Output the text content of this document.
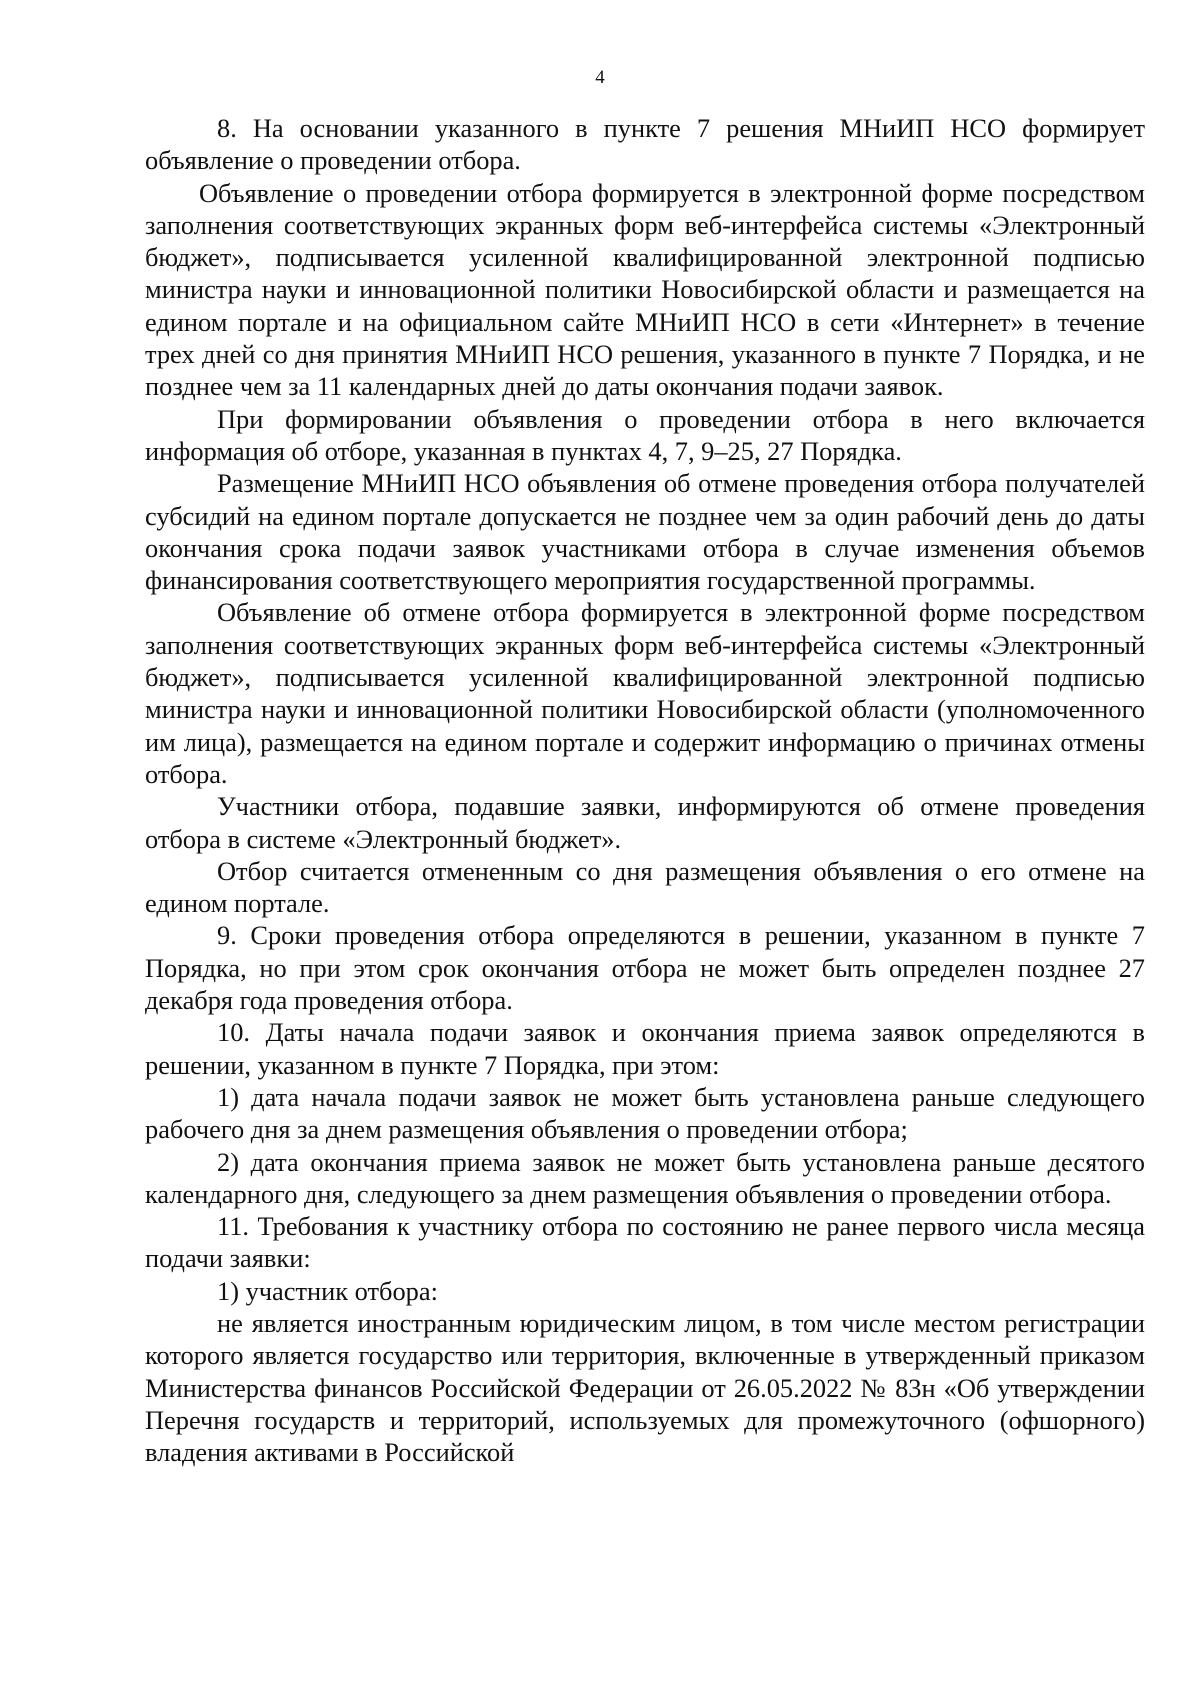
4

8. На основании указанного в пункте 7 решения МНиИП НСО формирует объявление о проведении отбора.

Объявление о проведении отбора формируется в электронной форме посредством заполнения соответствующих экранных форм веб-интерфейса системы «Электронный бюджет», подписывается усиленной квалифицированной электронной подписью министра науки и инновационной политики Новосибирской области и размещается на едином портале и на официальном сайте МНиИП НСО в сети «Интернет» в течение трех дней со дня принятия МНиИП НСО решения, указанного в пункте 7 Порядка, и не позднее чем за 11 календарных дней до даты окончания подачи заявок.

При формировании объявления о проведении отбора в него включается информация об отборе, указанная в пунктах 4, 7, 9–25, 27 Порядка.

Размещение МНиИП НСО объявления об отмене проведения отбора получателей субсидий на едином портале допускается не позднее чем за один рабочий день до даты окончания срока подачи заявок участниками отбора в случае изменения объемов финансирования соответствующего мероприятия государственной программы.

Объявление об отмене отбора формируется в электронной форме посредством заполнения соответствующих экранных форм веб-интерфейса системы «Электронный бюджет», подписывается усиленной квалифицированной электронной подписью министра науки и инновационной политики Новосибирской области (уполномоченного им лица), размещается на едином портале и содержит информацию о причинах отмены отбора.

Участники отбора, подавшие заявки, информируются об отмене проведения отбора в системе «Электронный бюджет».

Отбор считается отмененным со дня размещения объявления о его отмене на едином портале.

9. Сроки проведения отбора определяются в решении, указанном в пункте 7 Порядка, но при этом срок окончания отбора не может быть определен позднее 27 декабря года проведения отбора.

10. Даты начала подачи заявок и окончания приема заявок определяются в решении, указанном в пункте 7 Порядка, при этом:

1) дата начала подачи заявок не может быть установлена раньше следующего рабочего дня за днем размещения объявления о проведении отбора;

2) дата окончания приема заявок не может быть установлена раньше десятого календарного дня, следующего за днем размещения объявления о проведении отбора.

11. Требования к участнику отбора по состоянию не ранее первого числа месяца подачи заявки:

1) участник отбора:

не является иностранным юридическим лицом, в том числе местом регистрации которого является государство или территория, включенные в утвержденный приказом Министерства финансов Российской Федерации от 26.05.2022 № 83н «Об утверждении Перечня государств и территорий, используемых для промежуточного (офшорного) владения активами в Российской
